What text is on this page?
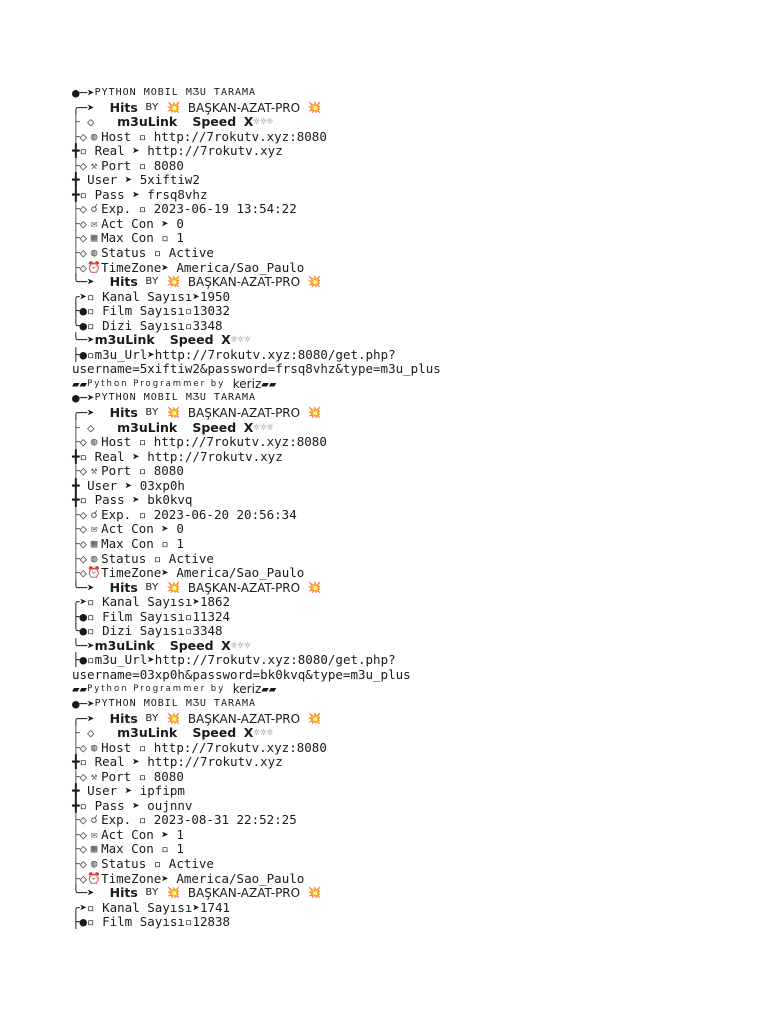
●─➤ PYTHON MOBIL MƷU TARAMA
╭─➤ Hits
BY
💥
BAŞKAN-AZAT-PRO
💥
├ ◇ m3uLink
Speed
X ☼☼☼
├◇ ◍ Host ▫ http://7rokutv.xyz:8080
╋▫ Real ➤ http://7rokutv.xyz
├◇ ⚒ Port ▫ 8080
╋ User ➤ 5xiftiw2
╋▫ Pass ➤ frsq8vhz
├◇ ☌ Exp. ▫ 2023-06-19 13:54:22
├◇ ✉ Act Con ➤ 0
├◇ ▦ Max Con ▫ 1
├◇ ◍ Status ▫ Active
├◇ ⏰ TimeZone ➤ America/Sao_Paulo
╰─➤ Hits
BY
💥
BAŞKAN-AZAT-PRO
💥
╭➤▫ Kanal Sayısı ➤ 1950
├●▫ Film Sayısı ▫ 13032
╰●▫ Dizi Sayısı ▫ 3348
╰─➤ m3uLink
Speed
X ☼☼☼
├●▫ m3u_Url ➤ http://7rokutv.xyz:8080/get.php?
username=5xiftiw2&password=frsq8vhz&type=m3u_plus
▰▰ Python Programmer by
keriz ▰▰
●─➤ PYTHON MOBIL MƷU TARAMA
╭─➤ Hits
BY
💥
BAŞKAN-AZAT-PRO
💥
├ ◇ m3uLink
Speed
X ☼☼☼
├◇ ◍ Host ▫ http://7rokutv.xyz:8080
╋▫ Real ➤ http://7rokutv.xyz
├◇ ⚒ Port ▫ 8080
╋ User ➤ 03xp0h
╋▫ Pass ➤ bk0kvq
├◇ ☌ Exp. ▫ 2023-06-20 20:56:34
├◇ ✉ Act Con ➤ 0
├◇ ▦ Max Con ▫ 1
├◇ ◍ Status ▫ Active
├◇ ⏰ TimeZone ➤ America/Sao_Paulo
╰─➤ Hits
BY
💥
BAŞKAN-AZAT-PRO
💥
╭➤▫ Kanal Sayısı ➤ 1862
├●▫ Film Sayısı ▫ 11324
╰●▫ Dizi Sayısı ▫ 3348
╰─➤ m3uLink
Speed
X ☼☼☼
├●▫ m3u_Url ➤ http://7rokutv.xyz:8080/get.php?
username=03xp0h&password=bk0kvq&type=m3u_plus
▰▰ Python Programmer by
keriz ▰▰
●─➤ PYTHON MOBIL MƷU TARAMA
╭─➤ Hits
BY
💥
BAŞKAN-AZAT-PRO
💥
├ ◇ m3uLink
Speed
X ☼☼☼
├◇ ◍ Host ▫ http://7rokutv.xyz:8080
╋▫ Real ➤ http://7rokutv.xyz
├◇ ⚒ Port ▫ 8080
╋ User ➤ ipfipm
╋▫ Pass ➤ oujnnv
├◇ ☌ Exp. ▫ 2023-08-31 22:52:25
├◇ ✉ Act Con ➤ 1
├◇ ▦ Max Con ▫ 1
├◇ ◍ Status ▫ Active
├◇ ⏰ TimeZone ➤ America/Sao_Paulo
╰─➤ Hits
BY
💥
BAŞKAN-AZAT-PRO
💥
╭➤▫ Kanal Sayısı ➤ 1741
├●▫ Film Sayısı ▫ 12838
